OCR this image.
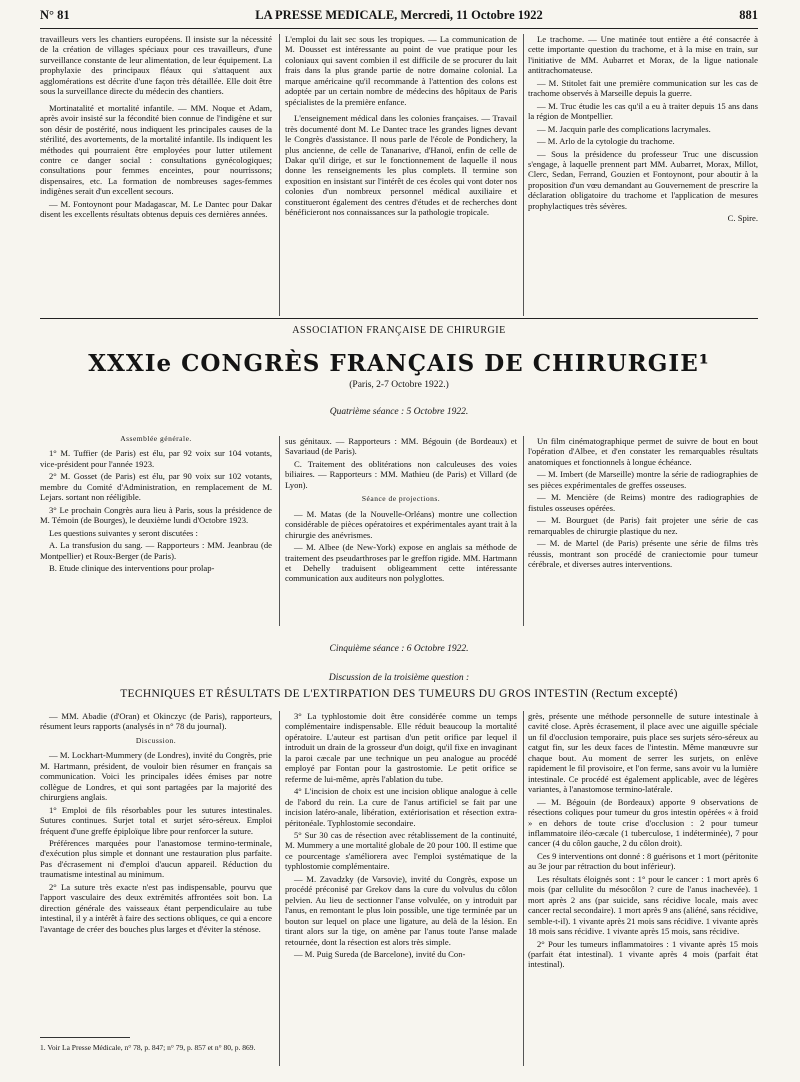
N° 81	LA PRESSE MEDICALE, Mercredi, 11 Octobre 1922	881

travailleurs vers les chantiers européens. Il insiste sur la nécessité de la création de villages spéciaux pour ces travailleurs, d'une surveillance constante de leur alimentation, de leur équipement. La prophylaxie des principaux fléaux qui s'attaquent aux agglomérations est décrite d'une façon très détaillée. Elle doit être sous la surveillance directe du médecin des chantiers.

Mortinatalité et mortalité infantile. — MM. Noque et Adam, après avoir insisté sur la fécondité bien connue de l'indigène et sur son désir de postérité, nous indiquent les principales causes de la stérilité, des avortements, de la mortalité infantile. Ils indiquent les méthodes qui pourraient être employées pour lutter utilement contre ce danger social : consultations gynécologiques; consultations pour femmes enceintes, pour nourrissons; dispensaires, etc. La formation de nombreuses sages-femmes indigènes serait d'un excellent secours.

— M. Fontoynont pour Madagascar, M. Le Dantec pour Dakar disent les excellents résultats obtenus depuis ces dernières années.

L'emploi du lait sec sous les tropiques. — La communication de M. Dousset est intéressante au point de vue pratique pour les coloniaux qui savent combien il est difficile de se procurer du lait frais dans la plus grande partie de notre domaine colonial. La marque américaine qu'il recommande à l'attention des colons est adoptée par un certain nombre de médecins des hôpitaux de Paris spécialistes de la première enfance.

L'enseignement médical dans les colonies françaises. — Travail très documenté dont M. Le Dantec trace les grandes lignes devant le Congrès d'assistance. Il nous parle de l'école de Pondichery, la plus ancienne, de celle de Tananarive, d'Hanoï, enfin de celle de Dakar qu'il dirige, et sur le fonctionnement de laquelle il nous donne les renseignements les plus complets. Il termine son exposition en insistant sur l'intérêt de ces écoles qui vont doter nos colonies d'un nombreux personnel médical auxiliaire et constitueront également des centres d'études et de recherches dont bénéficieront nos connaissances sur la pathologie tropicale.

Le trachome. — Une matinée tout entière a été consacrée à cette importante question du trachome, et à la mise en train, sur l'initiative de MM. Aubarret et Morax, de la ligue nationale antitrachomateuse.

— M. Stitolet fait une première communication sur les cas de trachome observés à Marseille depuis la guerre.

— M. Truc étudie les cas qu'il a eu à traiter depuis 15 ans dans la région de Montpellier.

— M. Jacquin parle des complications lacrymales.

— M. Arlo de la cytologie du trachome.

— Sous la présidence du professeur Truc une discussion s'engage, à laquelle prennent part MM. Aubarret, Morax, Millot, Clerc, Sedan, Ferrand, Gouzien et Fontoynont, pour aboutir à la proposition d'un vœu demandant au Gouvernement de prescrire la déclaration obligatoire du trachome et l'application de mesures prophylactiques très sévères.

C. Spire.

ASSOCIATION FRANÇAISE DE CHIRURGIE
XXXIe CONGRÈS FRANÇAIS DE CHIRURGIE¹
(Paris, 2-7 Octobre 1922.)
Quatrième séance : 5 Octobre 1922.

Assemblée générale.

1° M. Tuffier (de Paris) est élu, par 92 voix sur 104 votants, vice-président pour l'année 1923.

2° M. Gosset (de Paris) est élu, par 90 voix sur 102 votants, membre du Comité d'Administration, en remplacement de M. Lejars. sortant non rééligible.

3° Le prochain Congrès aura lieu à Paris, sous la présidence de M. Témoin (de Bourges), le deuxième lundi d'Octobre 1923.

Les questions suivantes y seront discutées :

A. La transfusion du sang. — Rapporteurs : MM. Jeanbrau (de Montpellier) et Roux-Berger (de Paris).

B. Etude clinique des interventions pour prolap-

sus génitaux. — Rapporteurs : MM. Bégouin (de Bordeaux) et Savariaud (de Paris).

C. Traitement des oblitérations non calculeuses des voies biliaires. — Rapporteurs : MM. Mathieu (de Paris) et Villard (de Lyon).

Séance de projections.

— M. Matas (de la Nouvelle-Orléans) montre une collection considérable de pièces opératoires et expérimentales ayant trait à la chirurgie des anévrismes.

— M. Albee (de New-York) expose en anglais sa méthode de traitement des pseudarthroses par le greffon rigide. MM. Hartmann et Dehelly traduisent obligeamment cette intéressante communication aux auditeurs non polyglottes.

Un film cinématographique permet de suivre de bout en bout l'opération d'Albee, et d'en constater les remarquables résultats anatomiques et fonctionnels à longue échéance.

— M. Imbert (de Marseille) montre la série de radiographies de ses pièces expérimentales de greffes osseuses.

— M. Mencière (de Reims) montre des radiographies de fistules osseuses opérées.

— M. Bourguet (de Paris) fait projeter une série de cas remarquables de chirurgie plastique du nez.

— M. de Martel (de Paris) présente une série de films très réussis, montrant son procédé de craniectomie pour tumeur cérébrale, et diverses autres interventions.

Cinquième séance : 6 Octobre 1922.
Discussion de la troisième question :
TECHNIQUES ET RÉSULTATS DE L'EXTIRPATION DES TUMEURS DU GROS INTESTIN (Rectum excepté)

— MM. Abadie (d'Oran) et Okinczyc (de Paris), rapporteurs, résument leurs rapports (analysés in n° 78 du journal).

Discussion.

— M. Lockhart-Mummery (de Londres), invité du Congrès, prie M. Hartmann, président, de vouloir bien résumer en français sa communication. Voici les principales idées émises par notre collègue de Londres, et qui sont partagées par la majorité des chirurgiens anglais.

1° Emploi de fils résorbables pour les sutures intestinales. Sutures continues. Surjet total et surjet séro-séreux. Emploi fréquent d'une greffe épiploïque libre pour renforcer la suture.

Préférences marquées pour l'anastomose termino-terminale, d'exécution plus simple et donnant une restauration plus parfaite. Pas d'écrasement ni d'emploi d'aucun appareil. Réduction du traumatisme intestinal au minimum.

2° La suture très exacte n'est pas indispensable, pourvu que l'apport vasculaire des deux extrémités affrontées soit bon. La direction générale des vaisseaux étant perpendiculaire au tube intestinal, il y a intérêt à faire des sections obliques, ce qui a encore l'avantage de créer des bouches plus larges et d'éviter la sténose.

3° La typhlostomie doit être considérée comme un temps complémentaire indispensable. Elle réduit beaucoup la mortalité opératoire. L'auteur est partisan d'un petit orifice par lequel il introduit un drain de la grosseur d'un doigt, qu'il fixe en invaginant la paroi cæcale par une technique un peu analogue au procédé employé par Fontan pour la gastrostomie. Le petit orifice se referme de lui-même, après l'ablation du tube.

4° L'incision de choix est une incision oblique analogue à celle de l'abord du rein. La cure de l'anus artificiel se fait par une incision latéro-anale, libération, extériorisation et résection extra-péritonéale. Typhlostomie secondaire.

5° Sur 30 cas de résection avec rétablissement de la continuité, M. Mummery a une mortalité globale de 20 pour 100. Il estime que ce pourcentage s'améliorera avec l'emploi systématique de la typhlostomie complémentaire.

— M. Zavadzky (de Varsovie), invité du Congrès, expose un procédé préconisé par Grekov dans la cure du volvulus du côlon pelvien. Au lieu de sectionner l'anse volvulée, on y introduit par l'anus, en remontant le plus loin possible, une tige terminée par un bouton sur lequel on place une ligature, au delà de la lésion. En tirant alors sur la tige, on amène par l'anus toute l'anse malade retournée, dont la résection est alors très simple.

— M. Puig Sureda (de Barcelone), invité du Con-

grès, présente une méthode personnelle de suture intestinale à cavité close. Après écrasement, il place avec une aiguille spéciale un fil d'occlusion temporaire, puis place ses surjets séro-séreux au catgut fin, sur les deux faces de l'intestin. Même manœuvre sur chaque bout. Au moment de serrer les surjets, on enlève rapidement le fil provisoire, et l'on ferme, sans avoir vu la lumière intestinale. Ce procédé est également applicable, avec de légères variantes, à l'anastomose termino-latérale.

— M. Bégouin (de Bordeaux) apporte 9 observations de résections coliques pour tumeur du gros intestin opérées « à froid » en dehors de toute crise d'occlusion : 2 pour tumeur inflammatoire iléo-cæcale (1 tuberculose, 1 indéterminée), 7 pour cancer (4 du côlon gauche, 2 du côlon droit).

Ces 9 interventions ont donné : 8 guérisons et 1 mort (péritonite au 3e jour par rétraction du bout inférieur).

Les résultats éloignés sont : 1° pour le cancer : 1 mort après 6 mois (par cellulite du mésocôlon ? cure de l'anus inachevée). 1 mort après 2 ans (par suicide, sans récidive locale, mais avec cancer rectal secondaire). 1 mort après 9 ans (aliéné, sans récidive, semble-t-il). 1 vivante après 21 mois sans récidive. 1 vivante après 18 mois sans récidive. 1 vivante après 15 mois, sans récidive.

2° Pour les tumeurs inflammatoires : 1 vivante après 15 mois (parfait état intestinal). 1 vivante après 4 mois (parfait état intestinal).

1. Voir La Presse Médicale, n° 78, p. 847; n° 79, p. 857 et n° 80, p. 869.
